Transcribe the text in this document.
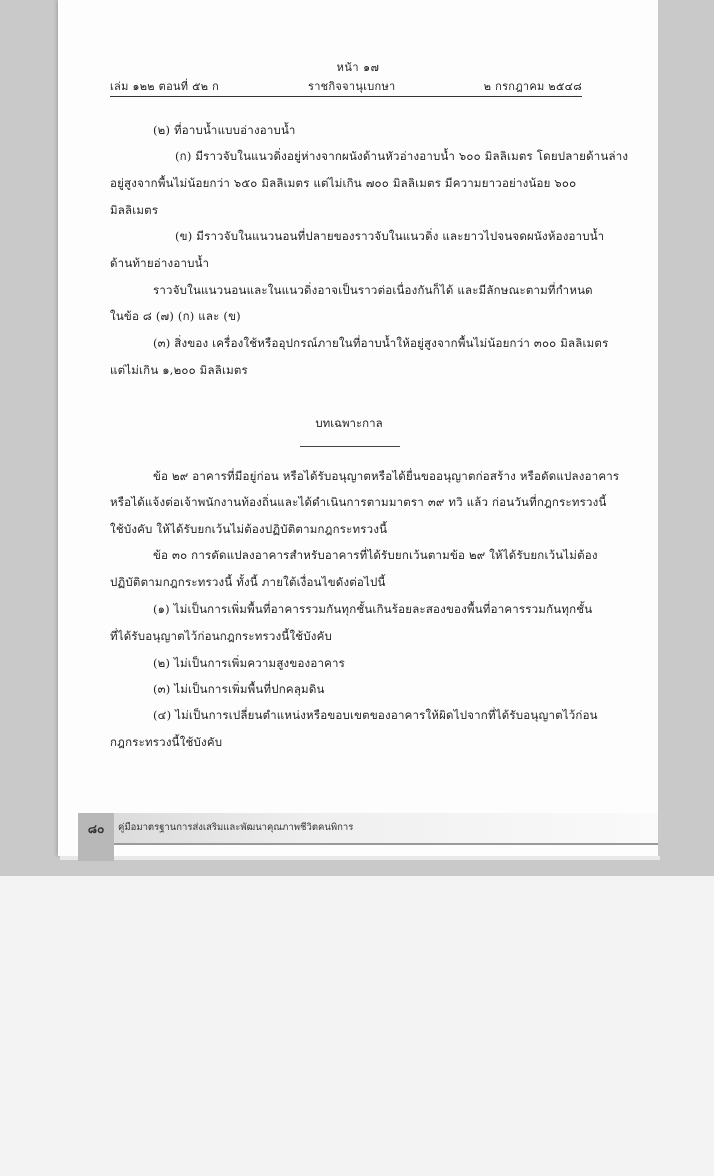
หน้า ๑๗
เล่ม ๑๒๒ ตอนที่ ๕๒ ก	ราชกิจจานุเบกษา	๒ กรกฎาคม ๒๕๔๘
(๒) ที่อาบน้ำแบบอ่างอาบน้ำ
(ก) มีราวจับในแนวดิ่งอยู่ห่างจากผนังด้านหัวอ่างอาบน้ำ ๖๐๐ มิลลิเมตร โดยปลายด้านล่าง
อยู่สูงจากพื้นไม่น้อยกว่า ๖๕๐ มิลลิเมตร แต่ไม่เกิน ๗๐๐ มิลลิเมตร มีความยาวอย่างน้อย ๖๐๐
มิลลิเมตร
(ข) มีราวจับในแนวนอนที่ปลายของราวจับในแนวดิ่ง และยาวไปจนจดผนังห้องอาบน้ำ
ด้านท้ายอ่างอาบน้ำ
ราวจับในแนวนอนและในแนวดิ่งอาจเป็นราวต่อเนื่องกันก็ได้ และมีลักษณะตามที่กำหนด
ในข้อ ๘ (๗) (ก) และ (ข)
(๓) สิ่งของ เครื่องใช้หรืออุปกรณ์ภายในที่อาบน้ำให้อยู่สูงจากพื้นไม่น้อยกว่า ๓๐๐ มิลลิเมตร
แต่ไม่เกิน ๑,๒๐๐ มิลลิเมตร
บทเฉพาะกาล
ข้อ ๒๙ อาคารที่มีอยู่ก่อน หรือได้รับอนุญาตหรือได้ยื่นขออนุญาตก่อสร้าง หรือดัดแปลงอาคาร
หรือได้แจ้งต่อเจ้าพนักงานท้องถิ่นและได้ดำเนินการตามมาตรา ๓๙ ทวิ แล้ว ก่อนวันที่กฎกระทรวงนี้
ใช้บังคับ ให้ได้รับยกเว้นไม่ต้องปฏิบัติตามกฎกระทรวงนี้
ข้อ ๓๐ การดัดแปลงอาคารสำหรับอาคารที่ได้รับยกเว้นตามข้อ ๒๙ ให้ได้รับยกเว้นไม่ต้อง
ปฏิบัติตามกฎกระทรวงนี้ ทั้งนี้ ภายใต้เงื่อนไขดังต่อไปนี้
(๑) ไม่เป็นการเพิ่มพื้นที่อาคารรวมกันทุกชั้นเกินร้อยละสองของพื้นที่อาคารรวมกันทุกชั้น
ที่ได้รับอนุญาตไว้ก่อนกฎกระทรวงนี้ใช้บังคับ
(๒) ไม่เป็นการเพิ่มความสูงของอาคาร
(๓) ไม่เป็นการเพิ่มพื้นที่ปกคลุมดิน
(๔) ไม่เป็นการเปลี่ยนตำแหน่งหรือขอบเขตของอาคารให้ผิดไปจากที่ได้รับอนุญาตไว้ก่อน
กฎกระทรวงนี้ใช้บังคับ
๘๐	คู่มือมาตรฐานการส่งเสริมและพัฒนาคุณภาพชีวิตคนพิการ
